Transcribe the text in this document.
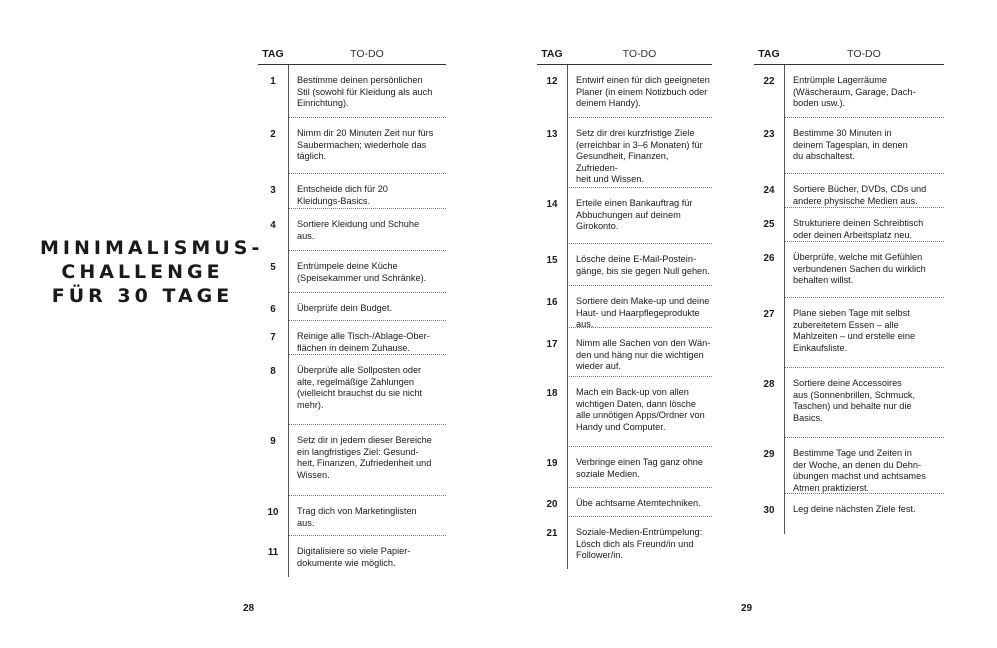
MINIMALISMUS-
CHALLENGE
FÜR 30 TAGE
TAG	TO-DO
1	Bestimme deinen persönlichen
Stil (sowohl für Kleidung als auch
Einrichtung).
2	Nimm dir 20 Minuten Zeit nur fürs
Saubermachen; wiederhole das
täglich.
3	Entscheide dich für 20
Kleidungs-Basics.
4	Sortiere Kleidung und Schuhe
aus.
5	Entrümpele deine Küche
(Speisekammer und Schränke).
6	Überprüfe dein Budget.
7	Reinige alle Tisch-/Ablage-Ober-
flächen in deinem Zuhause.
8	Überprüfe alle Sollposten oder
alte, regelmäßige Zahlungen
(vielleicht brauchst du sie nicht
mehr).
9	Setz dir in jedem dieser Bereiche
ein langfristiges Ziel: Gesund-
heit, Finanzen, Zufriedenheit und
Wissen.
10	Trag dich von Marketinglisten
aus.
11	Digitalisiere so viele Papier-
dokumente wie möglich.
TAG	TO-DO
12	Entwirf einen für dich geeigneten
Planer (in einem Notizbuch oder
deinem Handy).
13	Setz dir drei kurzfristige Ziele
(erreichbar in 3–6 Monaten) für
Gesundheit, Finanzen, Zufrieden-
heit und Wissen.
14	Erteile einen Bankauftrag für
Abbuchungen auf deinem
Girokonto.
15	Lösche deine E-Mail-Postein-
gänge, bis sie gegen Null gehen.
16	Sortiere dein Make-up und deine
Haut- und Haarpflegeprodukte
aus.
17	Nimm alle Sachen von den Wän-
den und häng nur die wichtigen
wieder auf.
18	Mach ein Back-up von allen
wichtigen Daten, dann lösche
alle unnötigen Apps/Ordner von
Handy und Computer.
19	Verbringe einen Tag ganz ohne
soziale Medien.
20	Übe achtsame Atemtechniken.
21	Soziale-Medien-Entrümpelung:
Lösch dich als Freund/in und
Follower/in.
TAG	TO-DO
22	Entrümple Lagerräume
(Wäscheraum, Garage, Dach-
boden usw.).
23	Bestimme 30 Minuten in
deinem Tagesplan, in denen
du abschaltest.
24	Sortiere Bücher, DVDs, CDs und
andere physische Medien aus.
25	Strukturiere deinen Schreibtisch
oder deinen Arbeitsplatz neu.
26	Überprüfe, welche mit Gefühlen
verbundenen Sachen du wirklich
behalten willst.
27	Plane sieben Tage mit selbst
zubereitetem Essen – alle
Mahlzeiten – und erstelle eine
Einkaufsliste.
28	Sortiere deine Accessoires
aus (Sonnenbrillen, Schmuck,
Taschen) und behalte nur die
Basics.
29	Bestimme Tage und Zeiten in
der Woche, an denen du Dehn-
übungen machst und achtsames
Atmen praktizierst.
30	Leg deine nächsten Ziele fest.
28	29
